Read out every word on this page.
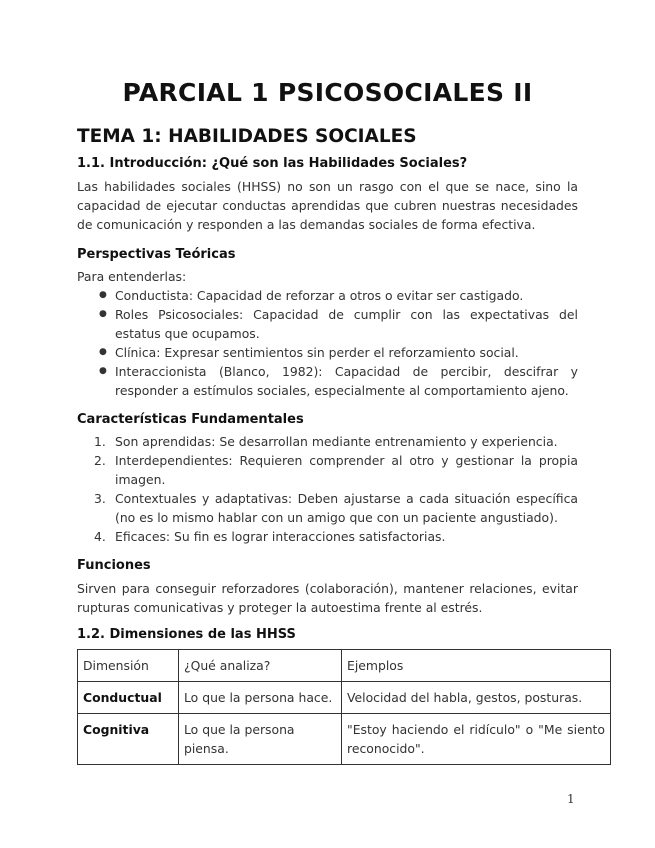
PARCIAL 1 PSICOSOCIALES II
TEMA 1: HABILIDADES SOCIALES
1.1. Introducción: ¿Qué son las Habilidades Sociales?
Las habilidades sociales (HHSS) no son un rasgo con el que se nace, sino la capacidad de ejecutar conductas aprendidas que cubren nuestras necesidades de comunicación y responden a las demandas sociales de forma efectiva.
Perspectivas Teóricas
Para entenderlas:
● Conductista: Capacidad de reforzar a otros o evitar ser castigado.
● Roles Psicosociales: Capacidad de cumplir con las expectativas del estatus que ocupamos.
● Clínica: Expresar sentimientos sin perder el reforzamiento social.
● Interaccionista (Blanco, 1982): Capacidad de percibir, descifrar y responder a estímulos sociales, especialmente al comportamiento ajeno.
Características Fundamentales
1. Son aprendidas: Se desarrollan mediante entrenamiento y experiencia.
2. Interdependientes: Requieren comprender al otro y gestionar la propia imagen.
3. Contextuales y adaptativas: Deben ajustarse a cada situación específica (no es lo mismo hablar con un amigo que con un paciente angustiado).
4. Eficaces: Su fin es lograr interacciones satisfactorias.
Funciones
Sirven para conseguir reforzadores (colaboración), mantener relaciones, evitar rupturas comunicativas y proteger la autoestima frente al estrés.
1.2. Dimensiones de las HHSS
Dimensión	¿Qué analiza?	Ejemplos
Conductual	Lo que la persona hace.	Velocidad del habla, gestos, posturas.
Cognitiva	Lo que la persona piensa.	"Estoy haciendo el ridículo" o "Me siento reconocido".
1
